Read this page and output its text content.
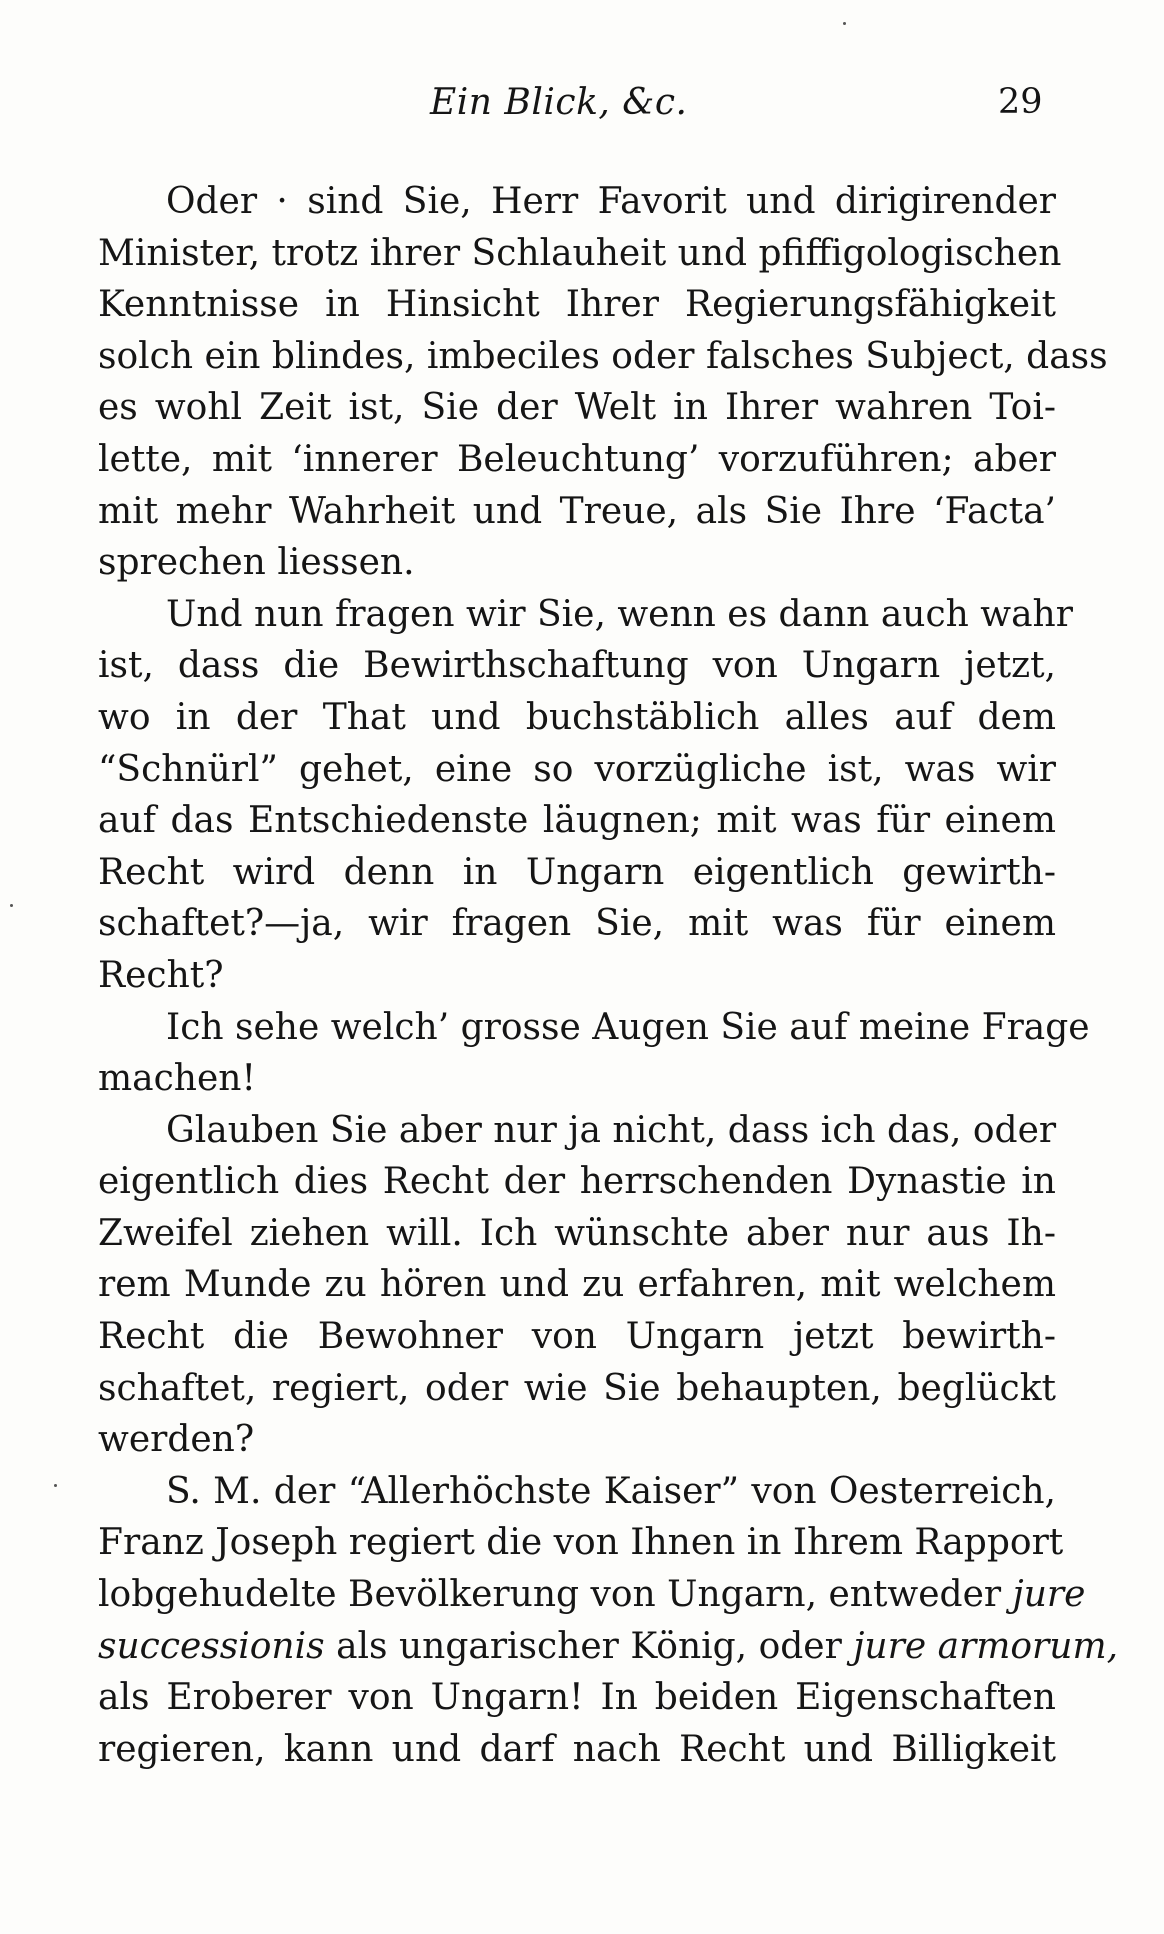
Ein Blick, &c.	29
Oder · sind Sie, Herr Favorit und dirigirender
Minister, trotz ihrer Schlauheit und pfiffigologischen
Kenntnisse in Hinsicht Ihrer Regierungsfähigkeit
solch ein blindes, imbeciles oder falsches Subject, dass
es wohl Zeit ist, Sie der Welt in Ihrer wahren Toi-
lette, mit ‘innerer Beleuchtung’ vorzuführen; aber
mit mehr Wahrheit und Treue, als Sie Ihre ‘Facta’
sprechen liessen.
Und nun fragen wir Sie, wenn es dann auch wahr
ist, dass die Bewirthschaftung von Ungarn jetzt,
wo in der That und buchstäblich alles auf dem
“Schnürl” gehet, eine so vorzügliche ist, was wir
auf das Entschiedenste läugnen; mit was für einem
Recht wird denn in Ungarn eigentlich gewirth-
schaftet?—ja, wir fragen Sie, mit was für einem
Recht?
Ich sehe welch’ grosse Augen Sie auf meine Frage
machen!
Glauben Sie aber nur ja nicht, dass ich das, oder
eigentlich dies Recht der herrschenden Dynastie in
Zweifel ziehen will. Ich wünschte aber nur aus Ih-
rem Munde zu hören und zu erfahren, mit welchem
Recht die Bewohner von Ungarn jetzt bewirth-
schaftet, regiert, oder wie Sie behaupten, beglückt
werden?
S. M. der “Allerhöchste Kaiser” von Oesterreich,
Franz Joseph regiert die von Ihnen in Ihrem Rapport
lobgehudelte Bevölkerung von Ungarn, entweder jure
successionis als ungarischer König, oder jure armorum,
als Eroberer von Ungarn! In beiden Eigenschaften
regieren, kann und darf nach Recht und Billigkeit
